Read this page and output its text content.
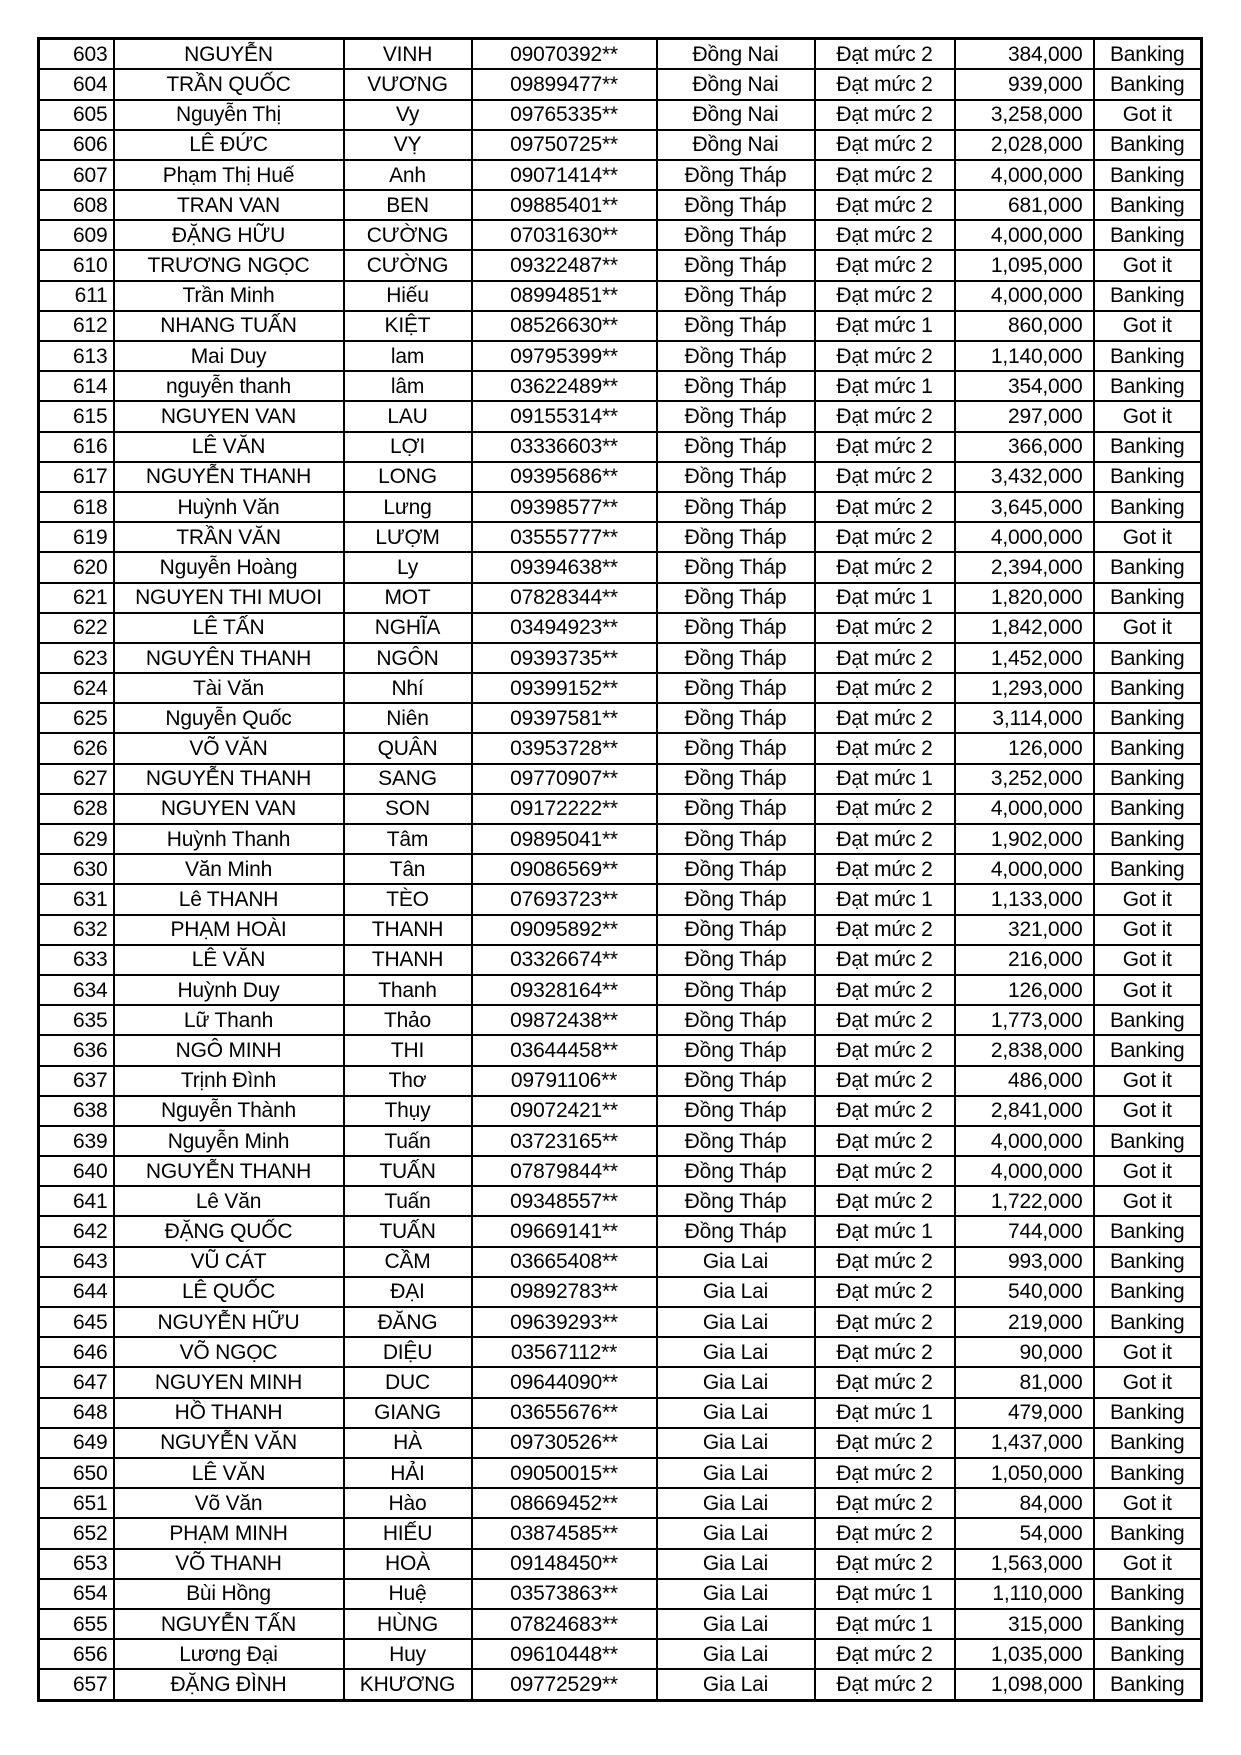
603	NGUYỄN	VINH	09070392**	Đồng Nai	Đạt mức 2	384,000	Banking
604	TRẦN QUỐC	VƯƠNG	09899477**	Đồng Nai	Đạt mức 2	939,000	Banking
605	Nguyễn Thị	Vy	09765335**	Đồng Nai	Đạt mức 2	3,258,000	Got it
606	LÊ ĐỨC	VỴ	09750725**	Đồng Nai	Đạt mức 2	2,028,000	Banking
607	Phạm Thị Huế	Anh	09071414**	Đồng Tháp	Đạt mức 2	4,000,000	Banking
608	TRAN VAN	BEN	09885401**	Đồng Tháp	Đạt mức 2	681,000	Banking
609	ĐẶNG HỮU	CƯỜNG	07031630**	Đồng Tháp	Đạt mức 2	4,000,000	Banking
610	TRƯƠNG NGỌC	CƯỜNG	09322487**	Đồng Tháp	Đạt mức 2	1,095,000	Got it
611	Trần Minh	Hiếu	08994851**	Đồng Tháp	Đạt mức 2	4,000,000	Banking
612	NHANG TUẤN	KIỆT	08526630**	Đồng Tháp	Đạt mức 1	860,000	Got it
613	Mai Duy	lam	09795399**	Đồng Tháp	Đạt mức 2	1,140,000	Banking
614	nguyễn thanh	lâm	03622489**	Đồng Tháp	Đạt mức 1	354,000	Banking
615	NGUYEN VAN	LAU	09155314**	Đồng Tháp	Đạt mức 2	297,000	Got it
616	LÊ VĂN	LỢI	03336603**	Đồng Tháp	Đạt mức 2	366,000	Banking
617	NGUYỄN THANH	LONG	09395686**	Đồng Tháp	Đạt mức 2	3,432,000	Banking
618	Huỳnh Văn	Lưng	09398577**	Đồng Tháp	Đạt mức 2	3,645,000	Banking
619	TRẦN VĂN	LƯỢM	03555777**	Đồng Tháp	Đạt mức 2	4,000,000	Got it
620	Nguyễn Hoàng	Ly	09394638**	Đồng Tháp	Đạt mức 2	2,394,000	Banking
621	NGUYEN THI MUOI	MOT	07828344**	Đồng Tháp	Đạt mức 1	1,820,000	Banking
622	LÊ TẤN	NGHĨA	03494923**	Đồng Tháp	Đạt mức 2	1,842,000	Got it
623	NGUYÊN THANH	NGÔN	09393735**	Đồng Tháp	Đạt mức 2	1,452,000	Banking
624	Tài Văn	Nhí	09399152**	Đồng Tháp	Đạt mức 2	1,293,000	Banking
625	Nguyễn Quốc	Niên	09397581**	Đồng Tháp	Đạt mức 2	3,114,000	Banking
626	VÕ VĂN	QUÂN	03953728**	Đồng Tháp	Đạt mức 2	126,000	Banking
627	NGUYỄN THANH	SANG	09770907**	Đồng Tháp	Đạt mức 1	3,252,000	Banking
628	NGUYEN VAN	SON	09172222**	Đồng Tháp	Đạt mức 2	4,000,000	Banking
629	Huỳnh Thanh	Tâm	09895041**	Đồng Tháp	Đạt mức 2	1,902,000	Banking
630	Văn Minh	Tân	09086569**	Đồng Tháp	Đạt mức 2	4,000,000	Banking
631	Lê THANH	TÈO	07693723**	Đồng Tháp	Đạt mức 1	1,133,000	Got it
632	PHẠM HOÀI	THANH	09095892**	Đồng Tháp	Đạt mức 2	321,000	Got it
633	LÊ VĂN	THANH	03326674**	Đồng Tháp	Đạt mức 2	216,000	Got it
634	Huỳnh Duy	Thanh	09328164**	Đồng Tháp	Đạt mức 2	126,000	Got it
635	Lữ Thanh	Thảo	09872438**	Đồng Tháp	Đạt mức 2	1,773,000	Banking
636	NGÔ MINH	THI	03644458**	Đồng Tháp	Đạt mức 2	2,838,000	Banking
637	Trịnh Đình	Thơ	09791106**	Đồng Tháp	Đạt mức 2	486,000	Got it
638	Nguyễn Thành	Thụy	09072421**	Đồng Tháp	Đạt mức 2	2,841,000	Got it
639	Nguyễn Minh	Tuấn	03723165**	Đồng Tháp	Đạt mức 2	4,000,000	Banking
640	NGUYỄN THANH	TUẤN	07879844**	Đồng Tháp	Đạt mức 2	4,000,000	Got it
641	Lê Văn	Tuấn	09348557**	Đồng Tháp	Đạt mức 2	1,722,000	Got it
642	ĐẶNG QUỐC	TUẤN	09669141**	Đồng Tháp	Đạt mức 1	744,000	Banking
643	VŨ CÁT	CẦM	03665408**	Gia Lai	Đạt mức 2	993,000	Banking
644	LÊ QUỐC	ĐẠI	09892783**	Gia Lai	Đạt mức 2	540,000	Banking
645	NGUYỄN HỮU	ĐĂNG	09639293**	Gia Lai	Đạt mức 2	219,000	Banking
646	VÕ NGỌC	DIỆU	03567112**	Gia Lai	Đạt mức 2	90,000	Got it
647	NGUYEN MINH	DUC	09644090**	Gia Lai	Đạt mức 2	81,000	Got it
648	HỒ THANH	GIANG	03655676**	Gia Lai	Đạt mức 1	479,000	Banking
649	NGUYỄN VĂN	HÀ	09730526**	Gia Lai	Đạt mức 2	1,437,000	Banking
650	LÊ VĂN	HẢI	09050015**	Gia Lai	Đạt mức 2	1,050,000	Banking
651	Võ Văn	Hào	08669452**	Gia Lai	Đạt mức 2	84,000	Got it
652	PHẠM MINH	HIẾU	03874585**	Gia Lai	Đạt mức 2	54,000	Banking
653	VÕ THANH	HOÀ	09148450**	Gia Lai	Đạt mức 2	1,563,000	Got it
654	Bùi Hồng	Huệ	03573863**	Gia Lai	Đạt mức 1	1,110,000	Banking
655	NGUYỄN TẤN	HÙNG	07824683**	Gia Lai	Đạt mức 1	315,000	Banking
656	Lương Đại	Huy	09610448**	Gia Lai	Đạt mức 2	1,035,000	Banking
657	ĐẶNG ĐÌNH	KHƯƠNG	09772529**	Gia Lai	Đạt mức 2	1,098,000	Banking
